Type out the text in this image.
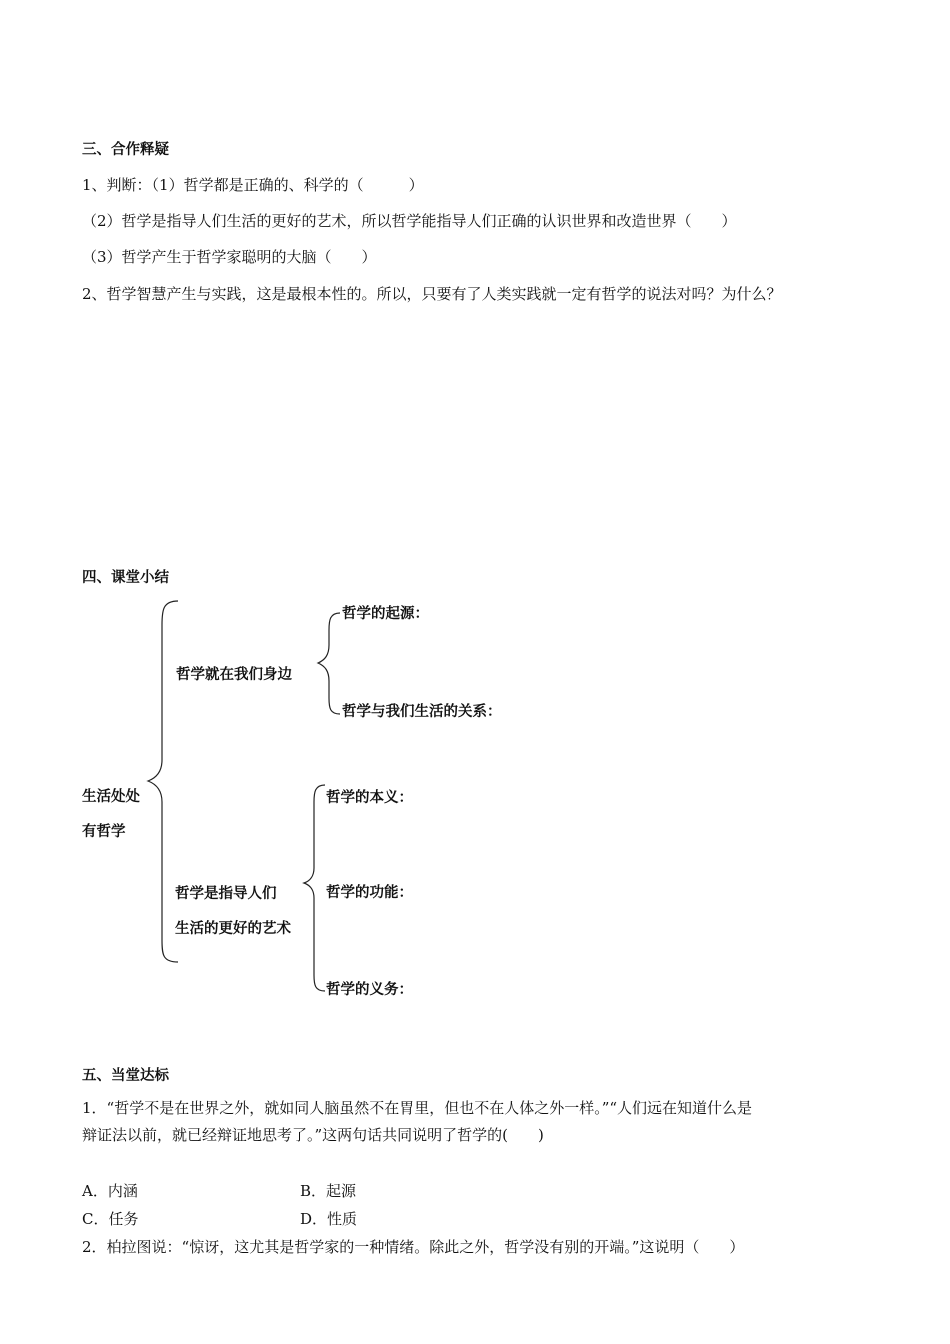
三、合作释疑
1、判断：（1）哲学都是正确的、科学的（　　　）
（2）哲学是指导人们生活的更好的艺术，所以哲学能指导人们正确的认识世界和改造世界（　　）
（3）哲学产生于哲学家聪明的大脑（　　）
2、哲学智慧产生与实践，这是最根本性的。所以，只要有了人类实践就一定有哲学的说法对吗？为什么？
四、课堂小结
生活处处
有哲学
哲学就在我们身边
哲学的起源：
哲学与我们生活的关系：
哲学是指导人们
生活的更好的艺术
哲学的本义：
哲学的功能：
哲学的义务：
五、当堂达标
1．“哲学不是在世界之外，就如同人脑虽然不在胃里，但也不在人体之外一样。”“人们远在知道什么是
辩证法以前，就已经辩证地思考了。”这两句话共同说明了哲学的(　　)
A．内涵	B．起源
C．任务	D．性质
2．柏拉图说：“惊讶，这尤其是哲学家的一种情绪。除此之外，哲学没有别的开端。”这说明（　　）
